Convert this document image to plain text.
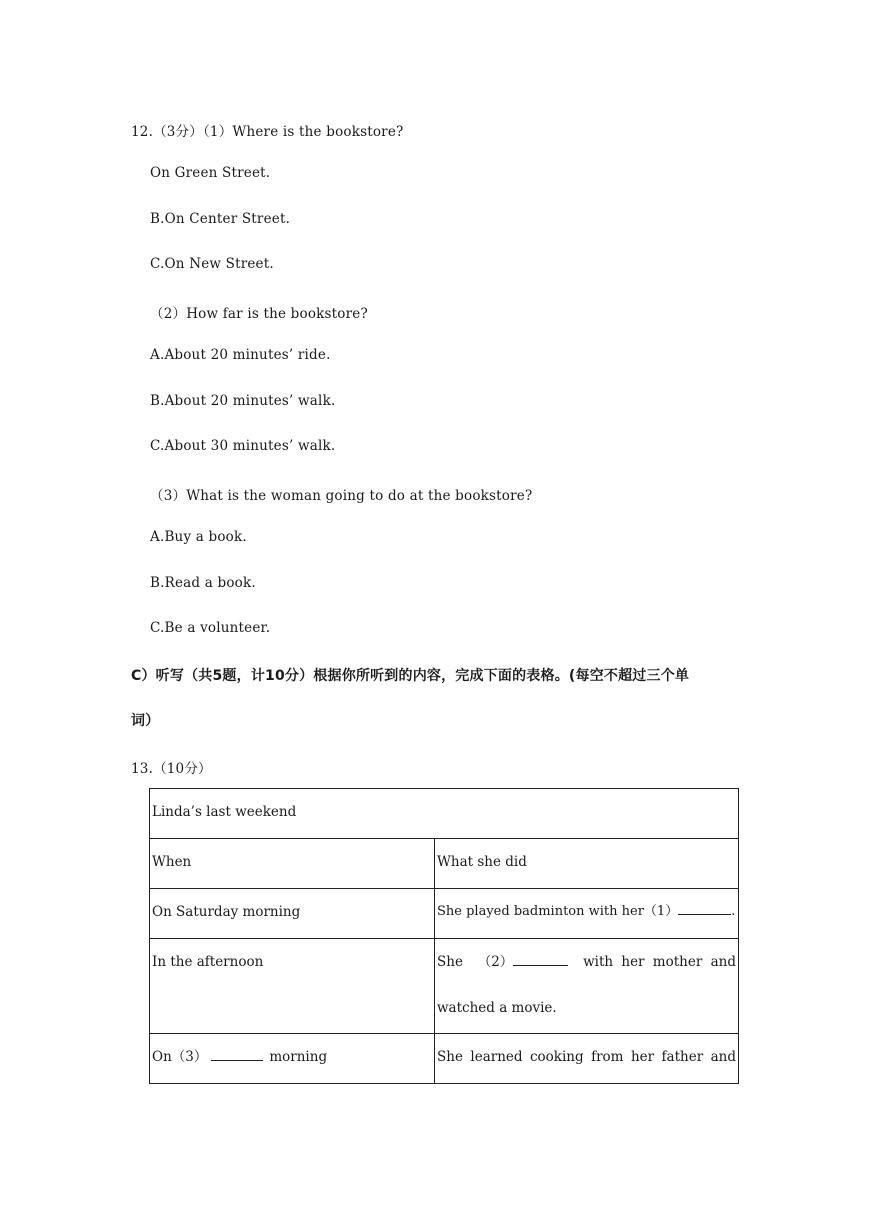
12.（3分）（1）Where is the bookstore?
On Green Street.
B.On Center Street.
C.On New Street.
（2）How far is the bookstore?
A.About 20 minutes’ ride.
B.About 20 minutes’ walk.
C.About 30 minutes’ walk.
（3）What is the woman going to do at the bookstore?
A.Buy a book.
B.Read a book.
C.Be a volunteer.
C）听写（共5题，计10分）根据你所听到的内容，完成下面的表格。(每空不超过三个单
词）
13.（10分）
Linda’s last weekend	

When	What she did

On Saturday morning	She played badminton with her（1） .

In the afternoon	She （2） with her mother and
watched a movie.

On（3） morning	She learned cooking from her father and
